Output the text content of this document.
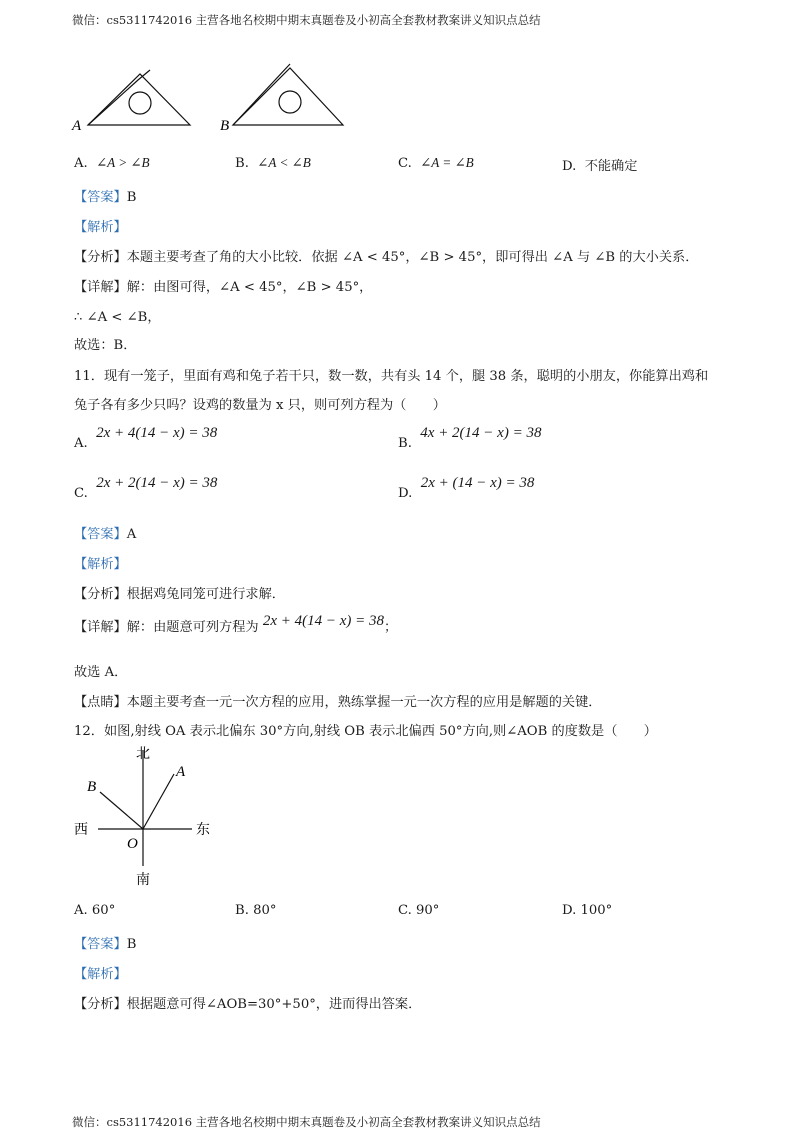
微信：cs5311742016 主营各地名校期中期末真题卷及小初高全套教材教案讲义知识点总结
A	B
A. ∠A > ∠B	B. ∠A < ∠B	C. ∠A = ∠B	D. 不能确定
【答案】B
【解析】
【分析】本题主要考查了角的大小比较．依据 ∠A < 45°，∠B > 45°，即可得出 ∠A 与 ∠B 的大小关系．
【详解】解：由图可得，∠A < 45°，∠B > 45°，
∴ ∠A < ∠B，
故选：B．
11．现有一笼子，里面有鸡和兔子若干只，数一数，共有头 14 个，腿 38 条，聪明的小朋友，你能算出鸡和
兔子各有多少只吗？设鸡的数量为 x 只，则可列方程为（　　）
A.  2x + 4(14 − x) = 38
B.  4x + 2(14 − x) = 38
C.  2x + 2(14 − x) = 38
D.  2x + (14 − x) = 38
【答案】A
【解析】
【分析】根据鸡兔同笼可进行求解．
【详解】解：由题意可列方程为 2x + 4(14 − x) = 38；
故选 A．
【点睛】本题主要考查一元一次方程的应用，熟练掌握一元一次方程的应用是解题的关键．
12．如图,射线 OA 表示北偏东 30°方向,射线 OB 表示北偏西 50°方向,则∠AOB 的度数是（　　）
北
南
东
西
O
A
B
A. 60°	B. 80°	C. 90°	D. 100°
【答案】B
【解析】
【分析】根据题意可得∠AOB=30°+50°，进而得出答案．
微信：cs5311742016 主营各地名校期中期末真题卷及小初高全套教材教案讲义知识点总结
